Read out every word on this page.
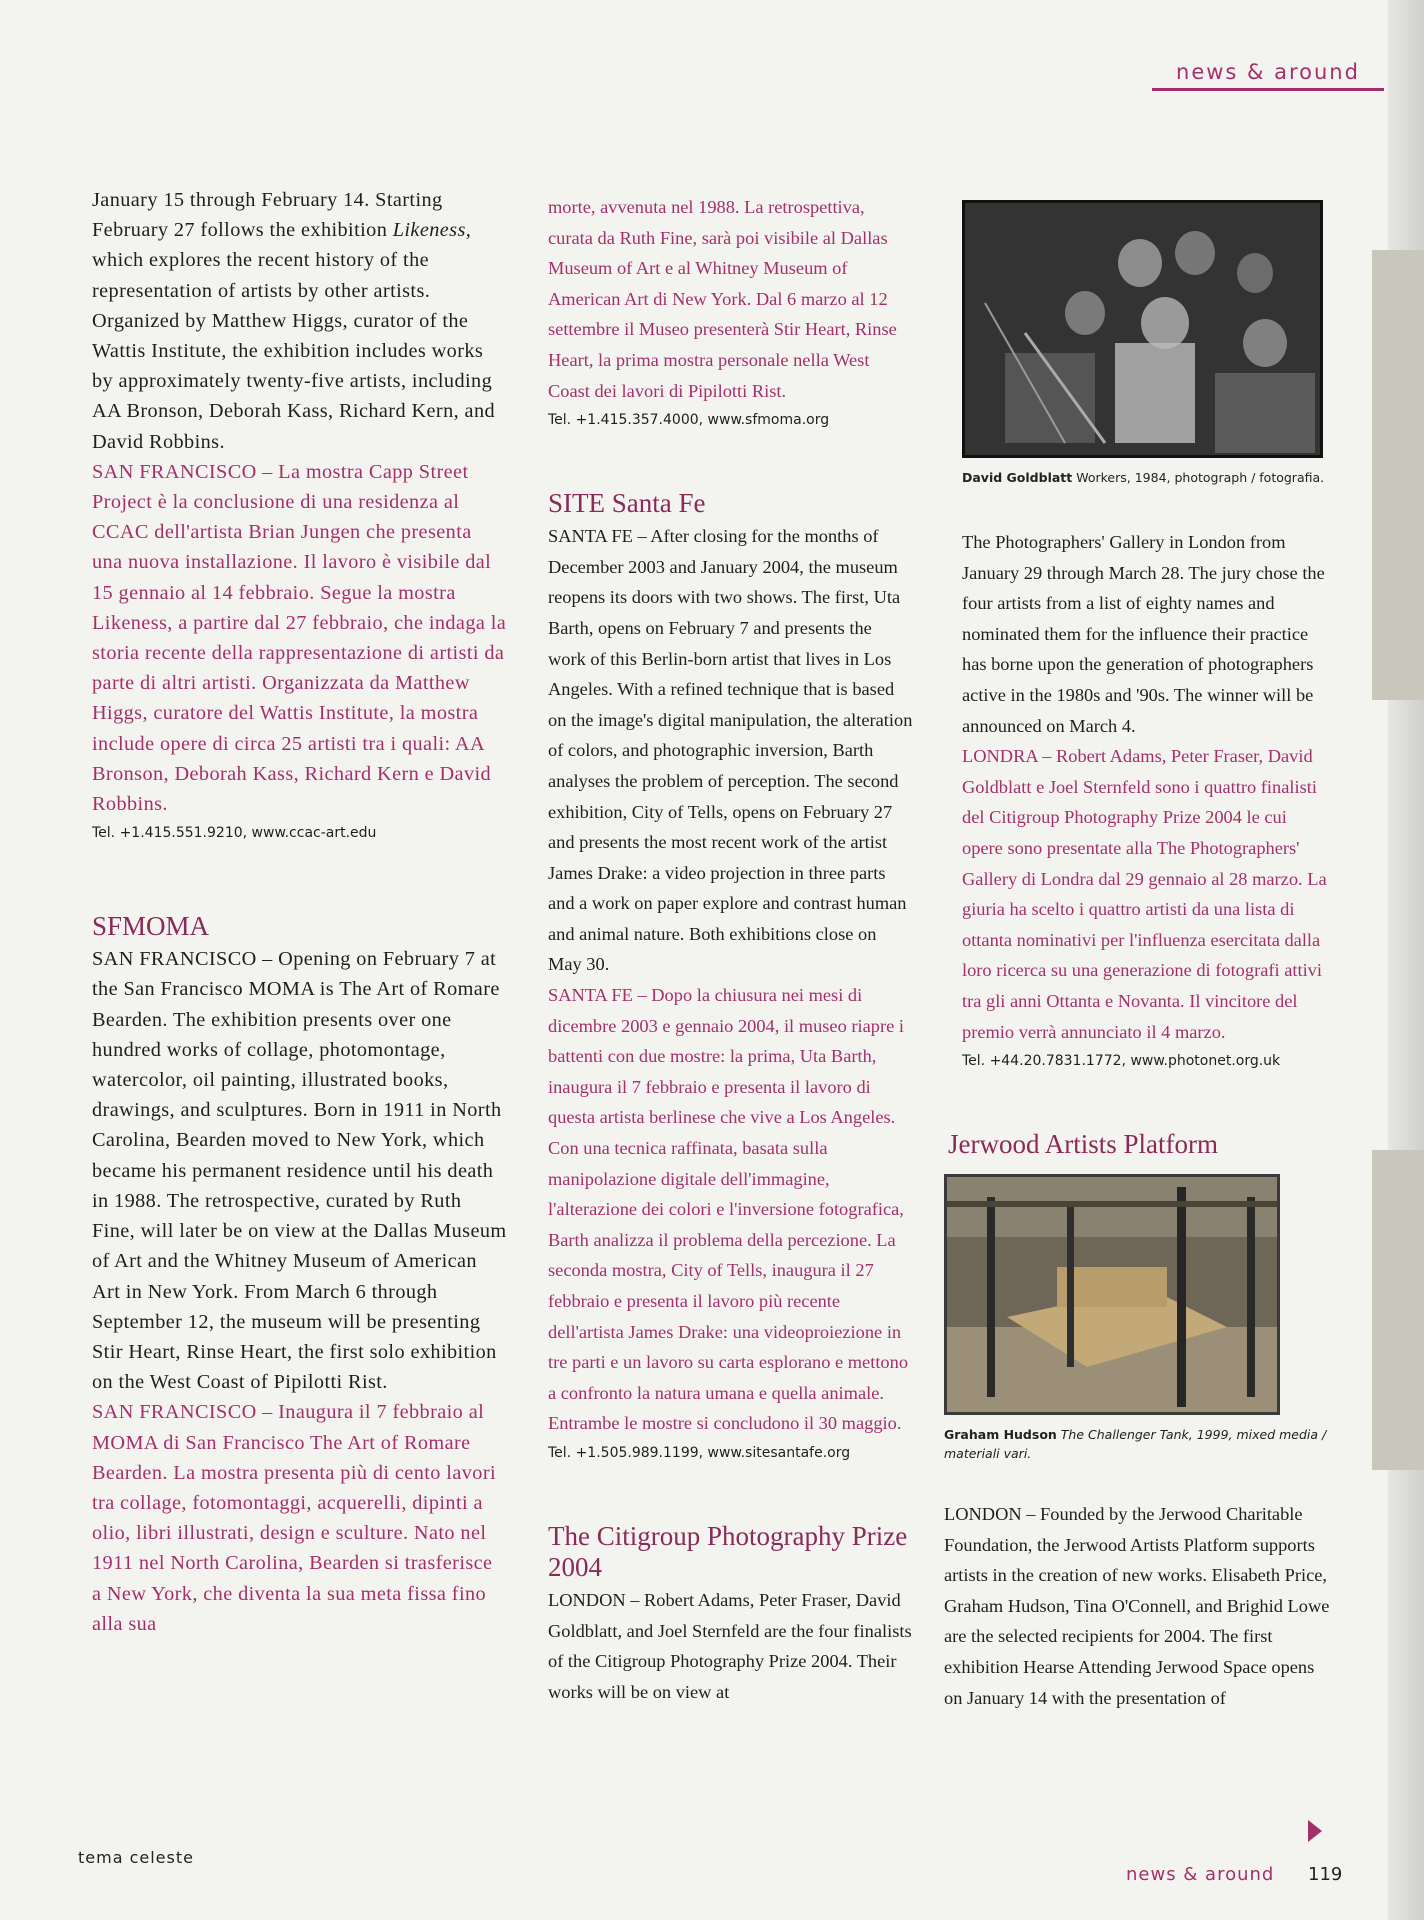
news & around

January 15 through February 14. Starting February 27 follows the exhibition Likeness, which explores the recent history of the representation of artists by other artists. Organized by Matthew Higgs, curator of the Wattis Institute, the exhibition includes works by approximately twenty-five artists, including AA Bronson, Deborah Kass, Richard Kern, and David Robbins.

SAN FRANCISCO – La mostra Capp Street Project è la conclusione di una residenza al CCAC dell'artista Brian Jungen che presenta una nuova installazione. Il lavoro è visibile dal 15 gennaio al 14 febbraio. Segue la mostra Likeness, a partire dal 27 febbraio, che indaga la storia recente della rappresentazione di artisti da parte di altri artisti. Organizzata da Matthew Higgs, curatore del Wattis Institute, la mostra include opere di circa 25 artisti tra i quali: AA Bronson, Deborah Kass, Richard Kern e David Robbins.

Tel. +1.415.551.9210, www.ccac-art.edu

SFMOMA

SAN FRANCISCO – Opening on February 7 at the San Francisco MOMA is The Art of Romare Bearden. The exhibition presents over one hundred works of collage, photomontage, watercolor, oil painting, illustrated books, drawings, and sculptures. Born in 1911 in North Carolina, Bearden moved to New York, which became his permanent residence until his death in 1988. The retrospective, curated by Ruth Fine, will later be on view at the Dallas Museum of Art and the Whitney Museum of American Art in New York. From March 6 through September 12, the museum will be presenting Stir Heart, Rinse Heart, the first solo exhibition on the West Coast of Pipilotti Rist.

SAN FRANCISCO – Inaugura il 7 febbraio al MOMA di San Francisco The Art of Romare Bearden. La mostra presenta più di cento lavori tra collage, fotomontaggi, acquerelli, dipinti a olio, libri illustrati, design e sculture. Nato nel 1911 nel North Carolina, Bearden si trasferisce a New York, che diventa la sua meta fissa fino alla sua

morte, avvenuta nel 1988. La retrospettiva, curata da Ruth Fine, sarà poi visibile al Dallas Museum of Art e al Whitney Museum of American Art di New York. Dal 6 marzo al 12 settembre il Museo presenterà Stir Heart, Rinse Heart, la prima mostra personale nella West Coast dei lavori di Pipilotti Rist.

Tel. +1.415.357.4000, www.sfmoma.org

SITE Santa Fe

SANTA FE – After closing for the months of December 2003 and January 2004, the museum reopens its doors with two shows. The first, Uta Barth, opens on February 7 and presents the work of this Berlin-born artist that lives in Los Angeles. With a refined technique that is based on the image's digital manipulation, the alteration of colors, and photographic inversion, Barth analyses the problem of perception. The second exhibition, City of Tells, opens on February 27 and presents the most recent work of the artist James Drake: a video projection in three parts and a work on paper explore and contrast human and animal nature. Both exhibitions close on May 30.

SANTA FE – Dopo la chiusura nei mesi di dicembre 2003 e gennaio 2004, il museo riapre i battenti con due mostre: la prima, Uta Barth, inaugura il 7 febbraio e presenta il lavoro di questa artista berlinese che vive a Los Angeles. Con una tecnica raffinata, basata sulla manipolazione digitale dell'immagine, l'alterazione dei colori e l'inversione fotografica, Barth analizza il problema della percezione. La seconda mostra, City of Tells, inaugura il 27 febbraio e presenta il lavoro più recente dell'artista James Drake: una videoproiezione in tre parti e un lavoro su carta esplorano e mettono a confronto la natura umana e quella animale. Entrambe le mostre si concludono il 30 maggio.

Tel. +1.505.989.1199, www.sitesantafe.org

The Citigroup Photography Prize 2004

LONDON – Robert Adams, Peter Fraser, David Goldblatt, and Joel Sternfeld are the four finalists of the Citigroup Photography Prize 2004. Their works will be on view at

David Goldblatt Workers, 1984, photograph / fotografia.

The Photographers' Gallery in London from January 29 through March 28. The jury chose the four artists from a list of eighty names and nominated them for the influence their practice has borne upon the generation of photographers active in the 1980s and '90s. The winner will be announced on March 4.

LONDRA – Robert Adams, Peter Fraser, David Goldblatt e Joel Sternfeld sono i quattro finalisti del Citigroup Photography Prize 2004 le cui opere sono presentate alla The Photographers' Gallery di Londra dal 29 gennaio al 28 marzo. La giuria ha scelto i quattro artisti da una lista di ottanta nominativi per l'influenza esercitata dalla loro ricerca su una generazione di fotografi attivi tra gli anni Ottanta e Novanta. Il vincitore del premio verrà annunciato il 4 marzo.

Tel. +44.20.7831.1772, www.photonet.org.uk

Jerwood Artists Platform

Graham Hudson The Challenger Tank, 1999, mixed media / materiali vari.

LONDON – Founded by the Jerwood Charitable Foundation, the Jerwood Artists Platform supports artists in the creation of new works. Elisabeth Price, Graham Hudson, Tina O'Connell, and Brighid Lowe are the selected recipients for 2004. The first exhibition Hearse Attending Jerwood Space opens on January 14 with the presentation of

tema celeste
news & around 119
